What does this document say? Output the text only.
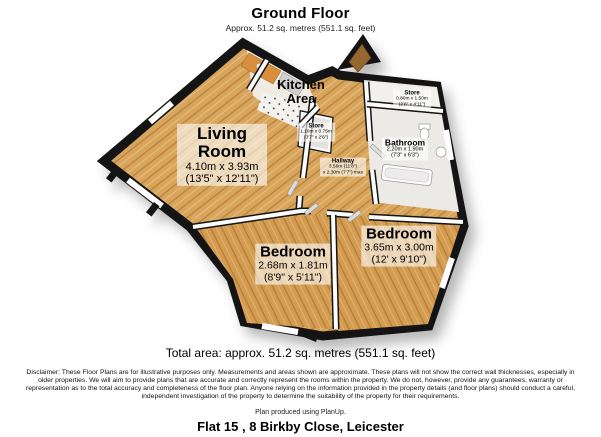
Ground Floor
Approx. 51.2 sq. metres (551.1 sq. feet)
Living Room
4.10m x 3.93m
(13'5" x 12'11")
Kitchen Area	Store
0.80m x 1.50m
(2'8" x 4'11")
Store
1.10m x 0.75m
(3'7" x 2'6")
Hallway
3.56m (11'8")
x 2.30m (7'7") max
Bathroom
2.20m x 1.90m
(7'3" x 6'3")
Bedroom
2.68m x 1.81m
(8'9" x 5'11")
Bedroom
3.65m x 3.00m
(12' x 9'10")
Total area: approx. 51.2 sq. metres (551.1 sq. feet)
Disclaimer: These Floor Plans are for illustrative purposes only. Measurements and areas shown are approximate. These plans will not show the correct wall thicknesses, especially in older properties. We will aim to provide plans that are accurate and correctly represent the rooms within the property. We do not, however, provide any guarantees, warranty or representation as to the total accuracy and completeness of the floor plan. Anyone relying on the information provided in the property details (and floor plans) should conduct a careful, independent investigation of the property to determine the suitability of the property for their requirements.
Plan produced using PlanUp.
Flat 15 , 8 Birkby Close, Leicester
